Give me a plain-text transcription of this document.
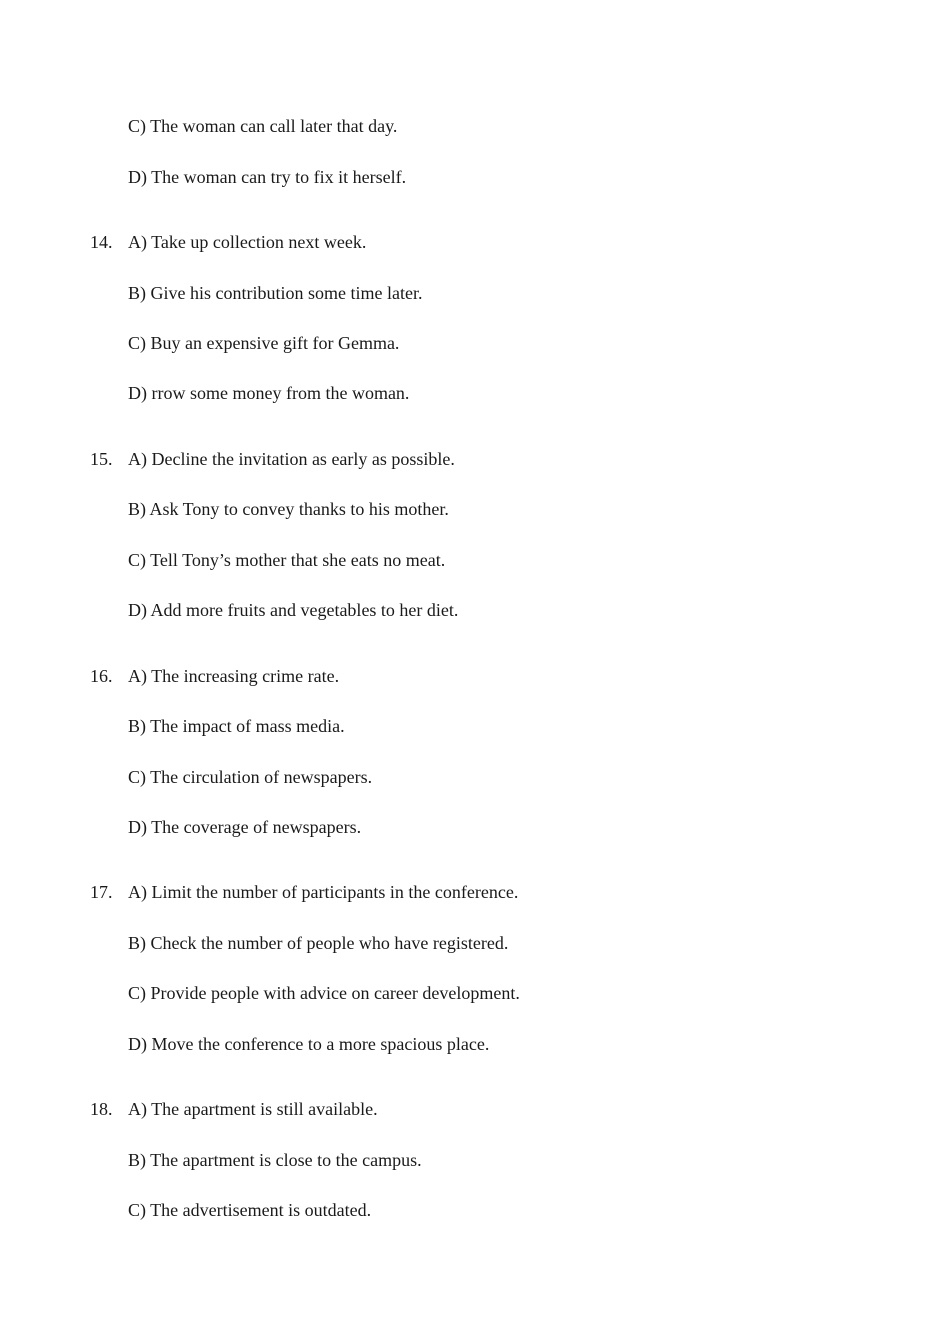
C) The woman can call later that day.
D) The woman can try to fix it herself.
14. A) Take up collection next week.
B) Give his contribution some time later.
C) Buy an expensive gift for Gemma.
D) rrow some money from the woman.
15. A) Decline the invitation as early as possible.
B) Ask Tony to convey thanks to his mother.
C) Tell Tony’s mother that she eats no meat.
D) Add more fruits and vegetables to her diet.
16. A) The increasing crime rate.
B) The impact of mass media.
C) The circulation of newspapers.
D) The coverage of newspapers.
17. A) Limit the number of participants in the conference.
B) Check the number of people who have registered.
C) Provide people with advice on career development.
D) Move the conference to a more spacious place.
18. A) The apartment is still available.
B) The apartment is close to the campus.
C) The advertisement is outdated.
